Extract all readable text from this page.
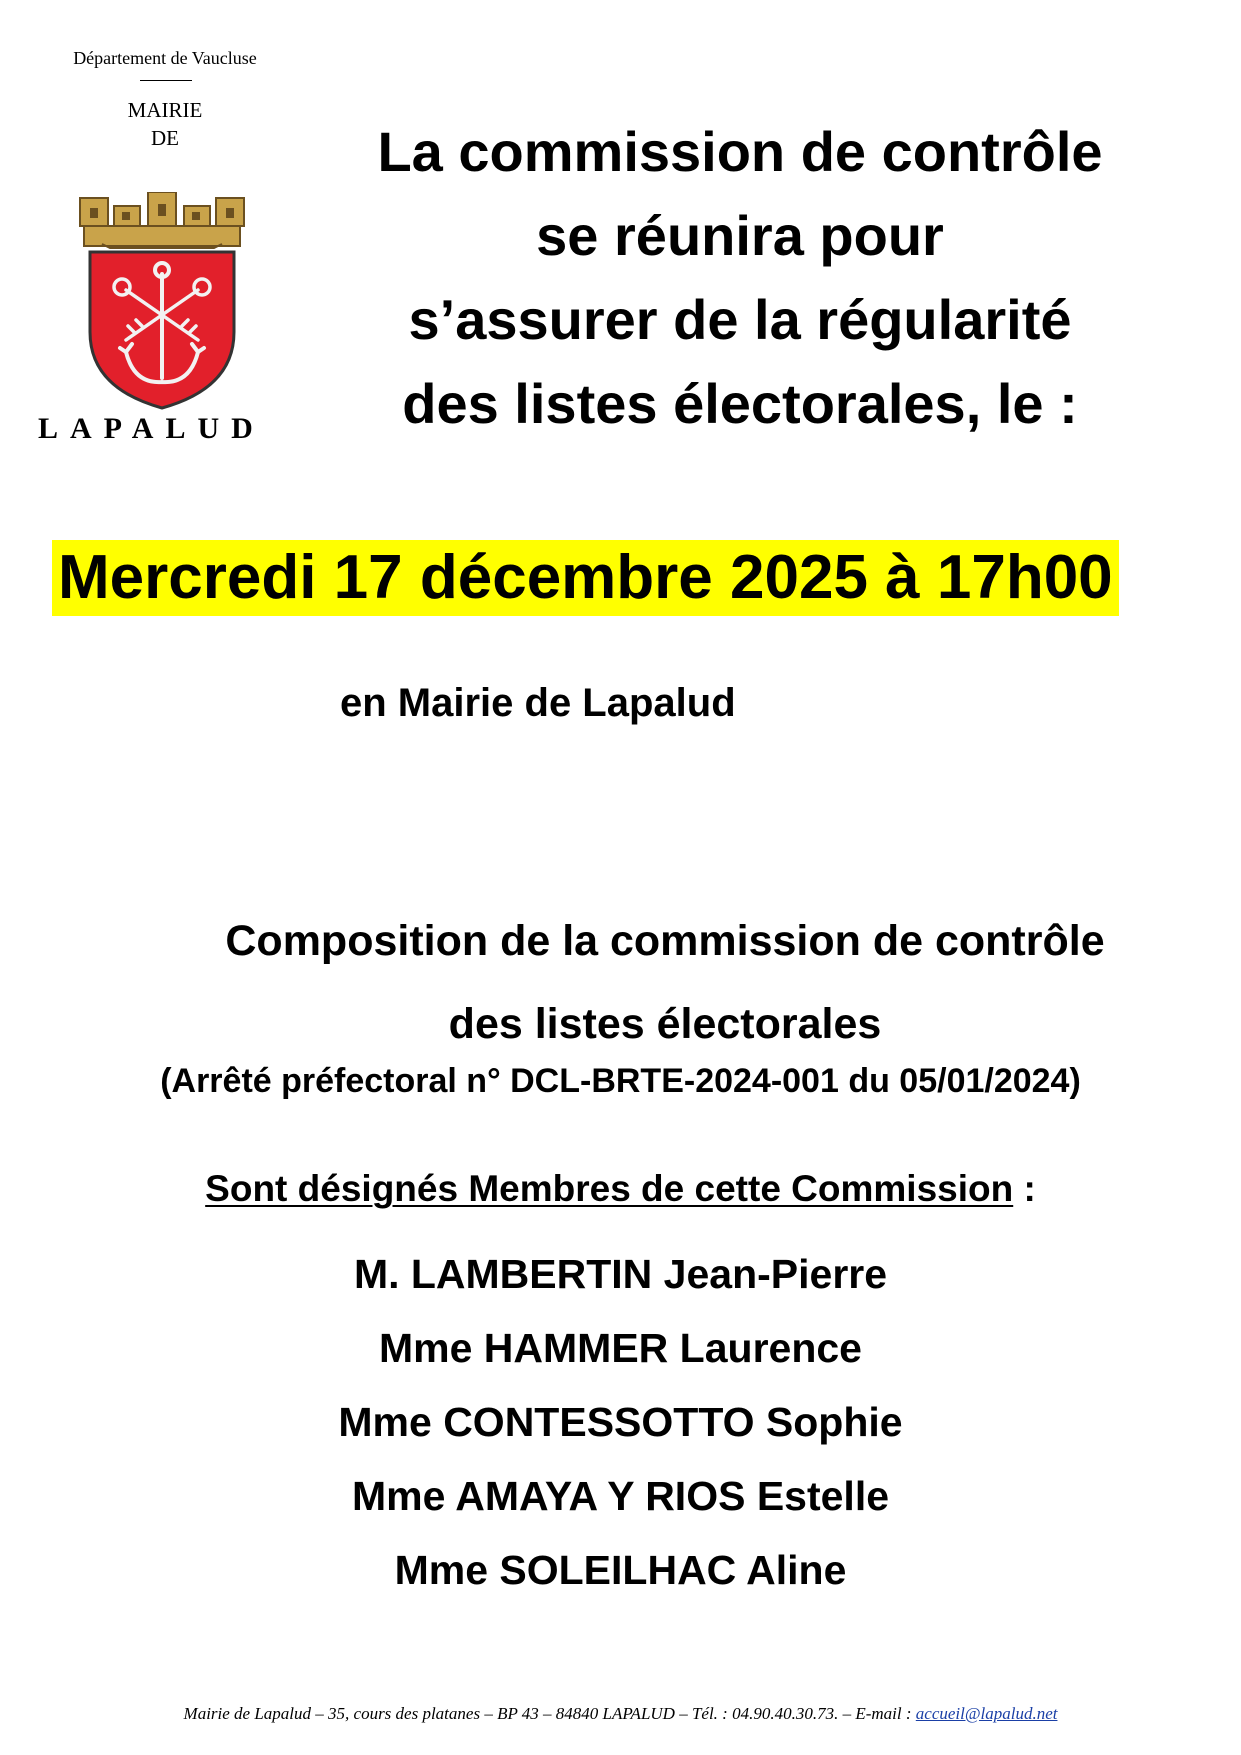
Département de Vaucluse
MAIRIE
DE
LAPALUD
La commission de contrôle
se réunira pour
s’assurer de la régularité
des listes électorales, le :
Mercredi 17 décembre 2025 à 17h00
en Mairie de Lapalud
Composition de la commission de contrôle
des listes électorales
(Arrêté préfectoral n° DCL-BRTE-2024-001 du 05/01/2024)
Sont désignés Membres de cette Commission :
M. LAMBERTIN Jean-Pierre
Mme HAMMER Laurence
Mme CONTESSOTTO Sophie
Mme AMAYA Y RIOS Estelle
Mme SOLEILHAC Aline
Mairie de Lapalud – 35, cours des platanes – BP 43 – 84840 LAPALUD – Tél. : 04.90.40.30.73. – E-mail : accueil@lapalud.net
